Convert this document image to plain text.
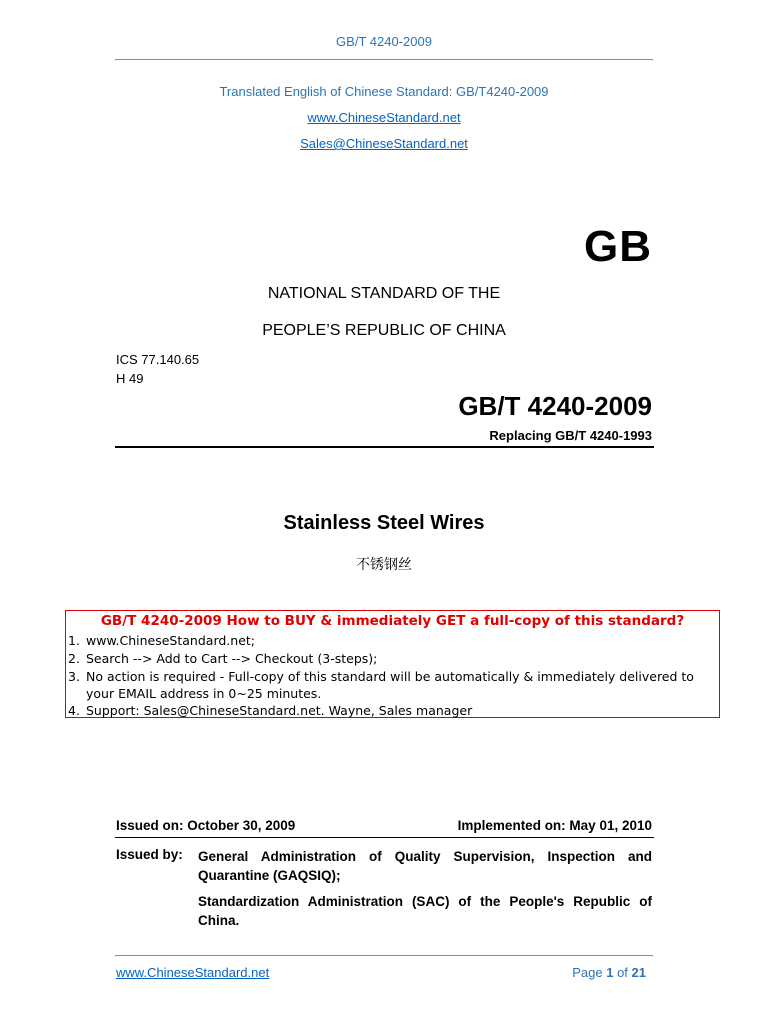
GB/T 4240-2009
Translated English of Chinese Standard: GB/T4240-2009
www.ChineseStandard.net
Sales@ChineseStandard.net
GB
NATIONAL STANDARD OF THE
PEOPLE’S REPUBLIC OF CHINA
ICS 77.140.65
H 49
GB/T 4240-2009
Replacing GB/T 4240-1993
Stainless Steel Wires
不锈钢丝
GB/T 4240-2009 How to BUY & immediately GET a full-copy of this standard?
1. www.ChineseStandard.net;
2. Search --> Add to Cart --> Checkout (3-steps);
3. No action is required - Full-copy of this standard will be automatically & immediately delivered to
your EMAIL address in 0~25 minutes.
4. Support: Sales@ChineseStandard.net. Wayne, Sales manager
Issued on: October 30, 2009	Implemented on: May 01, 2010
Issued by: General Administration of Quality Supervision, Inspection and Quarantine (GAQSIQ);
Standardization Administration (SAC) of the People's Republic of China.
www.ChineseStandard.net	Page 1 of 21
